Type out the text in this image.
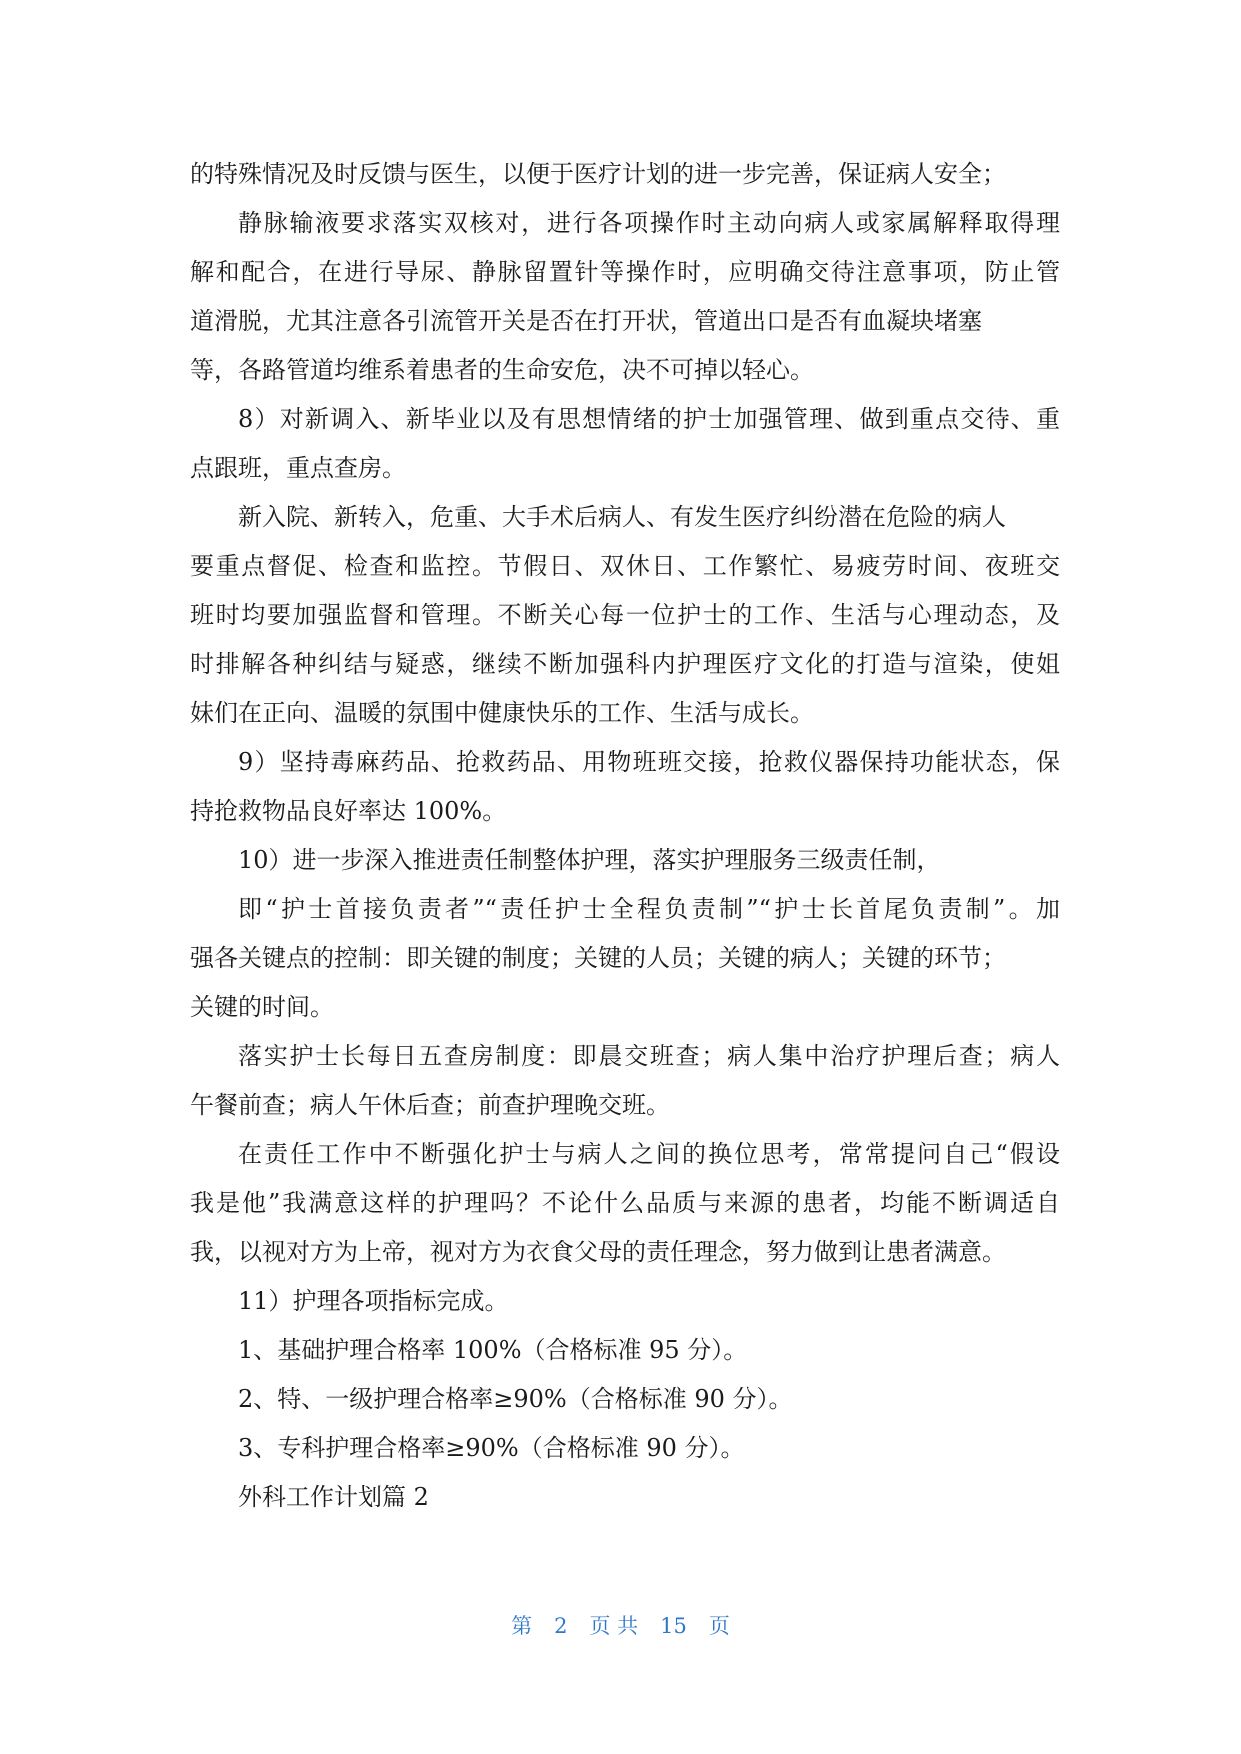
的特殊情况及时反馈与医生，以便于医疗计划的进一步完善，保证病人安全；
静脉输液要求落实双核对，进行各项操作时主动向病人或家属解释取得理
解和配合，在进行导尿、静脉留置针等操作时，应明确交待注意事项，防止管
道滑脱，尤其注意各引流管开关是否在打开状，管道出口是否有血凝块堵塞
等，各路管道均维系着患者的生命安危，决不可掉以轻心。
8）对新调入、新毕业以及有思想情绪的护士加强管理、做到重点交待、重
点跟班，重点查房。
新入院、新转入，危重、大手术后病人、有发生医疗纠纷潜在危险的病人
要重点督促、检查和监控。节假日、双休日、工作繁忙、易疲劳时间、夜班交
班时均要加强监督和管理。不断关心每一位护士的工作、生活与心理动态，及
时排解各种纠结与疑惑，继续不断加强科内护理医疗文化的打造与渲染，使姐
妹们在正向、温暖的氛围中健康快乐的工作、生活与成长。
9）坚持毒麻药品、抢救药品、用物班班交接，抢救仪器保持功能状态，保
持抢救物品良好率达 100%。
10）进一步深入推进责任制整体护理，落实护理服务三级责任制，
即“护士首接负责者”“责任护士全程负责制”“护士长首尾负责制”。加
强各关键点的控制：即关键的制度；关键的人员；关键的病人；关键的环节；
关键的时间。
落实护士长每日五查房制度：即晨交班查；病人集中治疗护理后查；病人
午餐前查；病人午休后查；前查护理晚交班。
在责任工作中不断强化护士与病人之间的换位思考，常常提问自己“假设
我是他”我满意这样的护理吗？不论什么品质与来源的患者，均能不断调适自
我，以视对方为上帝，视对方为衣食父母的责任理念，努力做到让患者满意。
11）护理各项指标完成。
1、基础护理合格率 100%（合格标准 95 分）。
2、特、一级护理合格率≥90%（合格标准 90 分）。
3、专科护理合格率≥90%（合格标准 90 分）。
外科工作计划篇 2
第 2 页 共 15 页
